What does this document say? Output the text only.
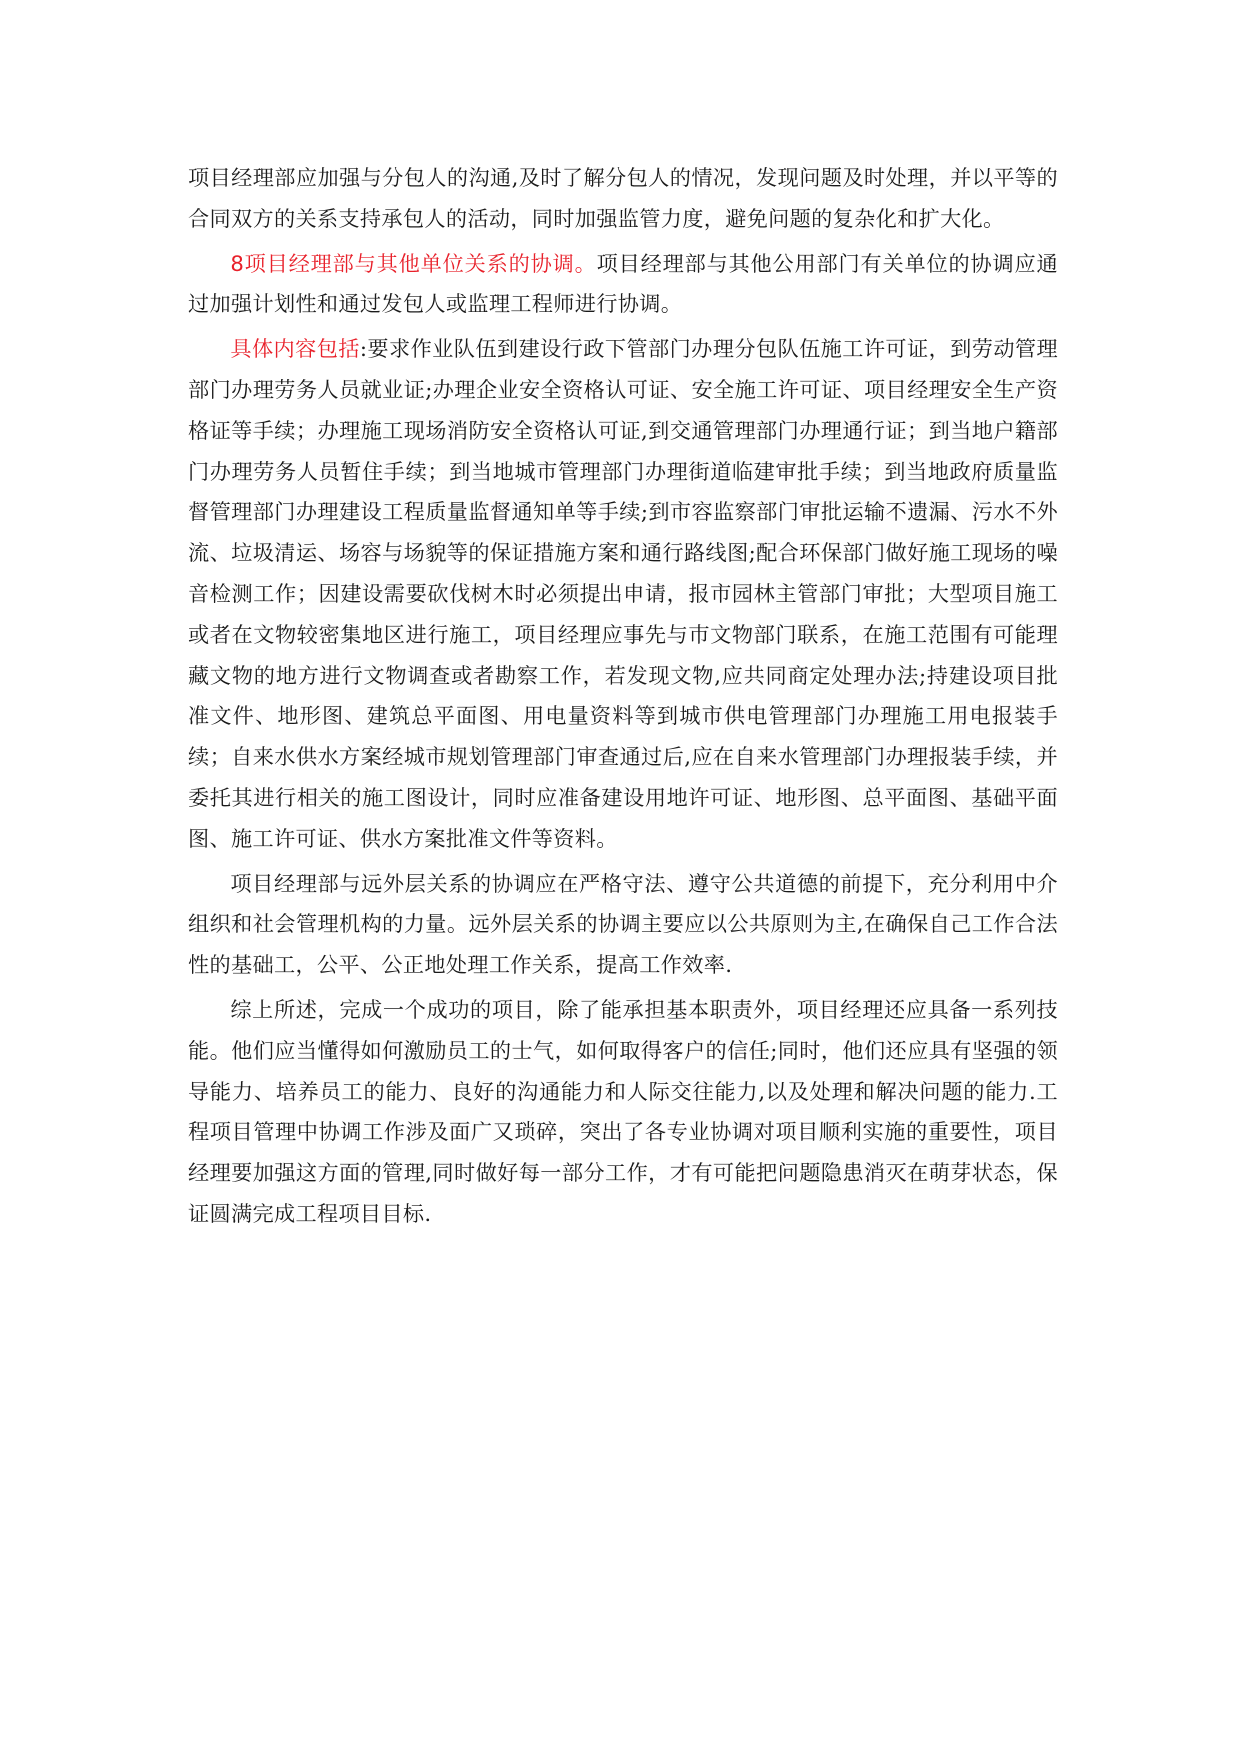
项目经理部应加强与分包人的沟通,及时了解分包人的情况，发现问题及时处理，并以平等的合同双方的关系支持承包人的活动，同时加强监管力度，避免问题的复杂化和扩大化。

8项目经理部与其他单位关系的协调。项目经理部与其他公用部门有关单位的协调应通过加强计划性和通过发包人或监理工程师进行协调。

具体内容包括:要求作业队伍到建设行政下管部门办理分包队伍施工许可证，到劳动管理部门办理劳务人员就业证;办理企业安全资格认可证、安全施工许可证、项目经理安全生产资格证等手续；办理施工现场消防安全资格认可证,到交通管理部门办理通行证；到当地户籍部门办理劳务人员暂住手续；到当地城市管理部门办理街道临建审批手续；到当地政府质量监督管理部门办理建设工程质量监督通知单等手续;到市容监察部门审批运输不遗漏、污水不外流、垃圾清运、场容与场貌等的保证措施方案和通行路线图;配合环保部门做好施工现场的噪音检测工作；因建设需要砍伐树木时必须提出申请，报市园林主管部门审批；大型项目施工或者在文物较密集地区进行施工，项目经理应事先与巿文物部门联系，在施工范围有可能理藏文物的地方进行文物调查或者勘察工作，若发现文物,应共同商定处理办法;持建设项目批准文件、地形图、建筑总平面图、用电量资料等到城市供电管理部门办理施工用电报装手续；自来水供水方案经城市规划管理部门审查通过后,应在自来水管理部门办理报装手续，并委托其进行相关的施工图设计，同时应准备建设用地许可证、地形图、总平面图、基础平面图、施工许可证、供水方案批准文件等资料。

项目经理部与远外层关系的协调应在严格守法、遵守公共道德的前提下，充分利用中介组织和社会管理机构的力量。远外层关系的协调主要应以公共原则为主,在确保自己工作合法性的基础工，公平、公正地处理工作关系，提高工作效率.

综上所述，完成一个成功的项目，除了能承担基本职责外，项目经理还应具备一系列技能。他们应当懂得如何激励员工的士气，如何取得客户的信任;同时，他们还应具有坚强的领导能力、培养员工的能力、良好的沟通能力和人际交往能力,以及处理和解决问题的能力.工程项目管理中协调工作涉及面广又琐碎，突出了各专业协调对项目顺利实施的重要性，项目经理要加强这方面的管理,同时做好每一部分工作，才有可能把问题隐患消灭在萌芽状态，保证圆满完成工程项目目标.
